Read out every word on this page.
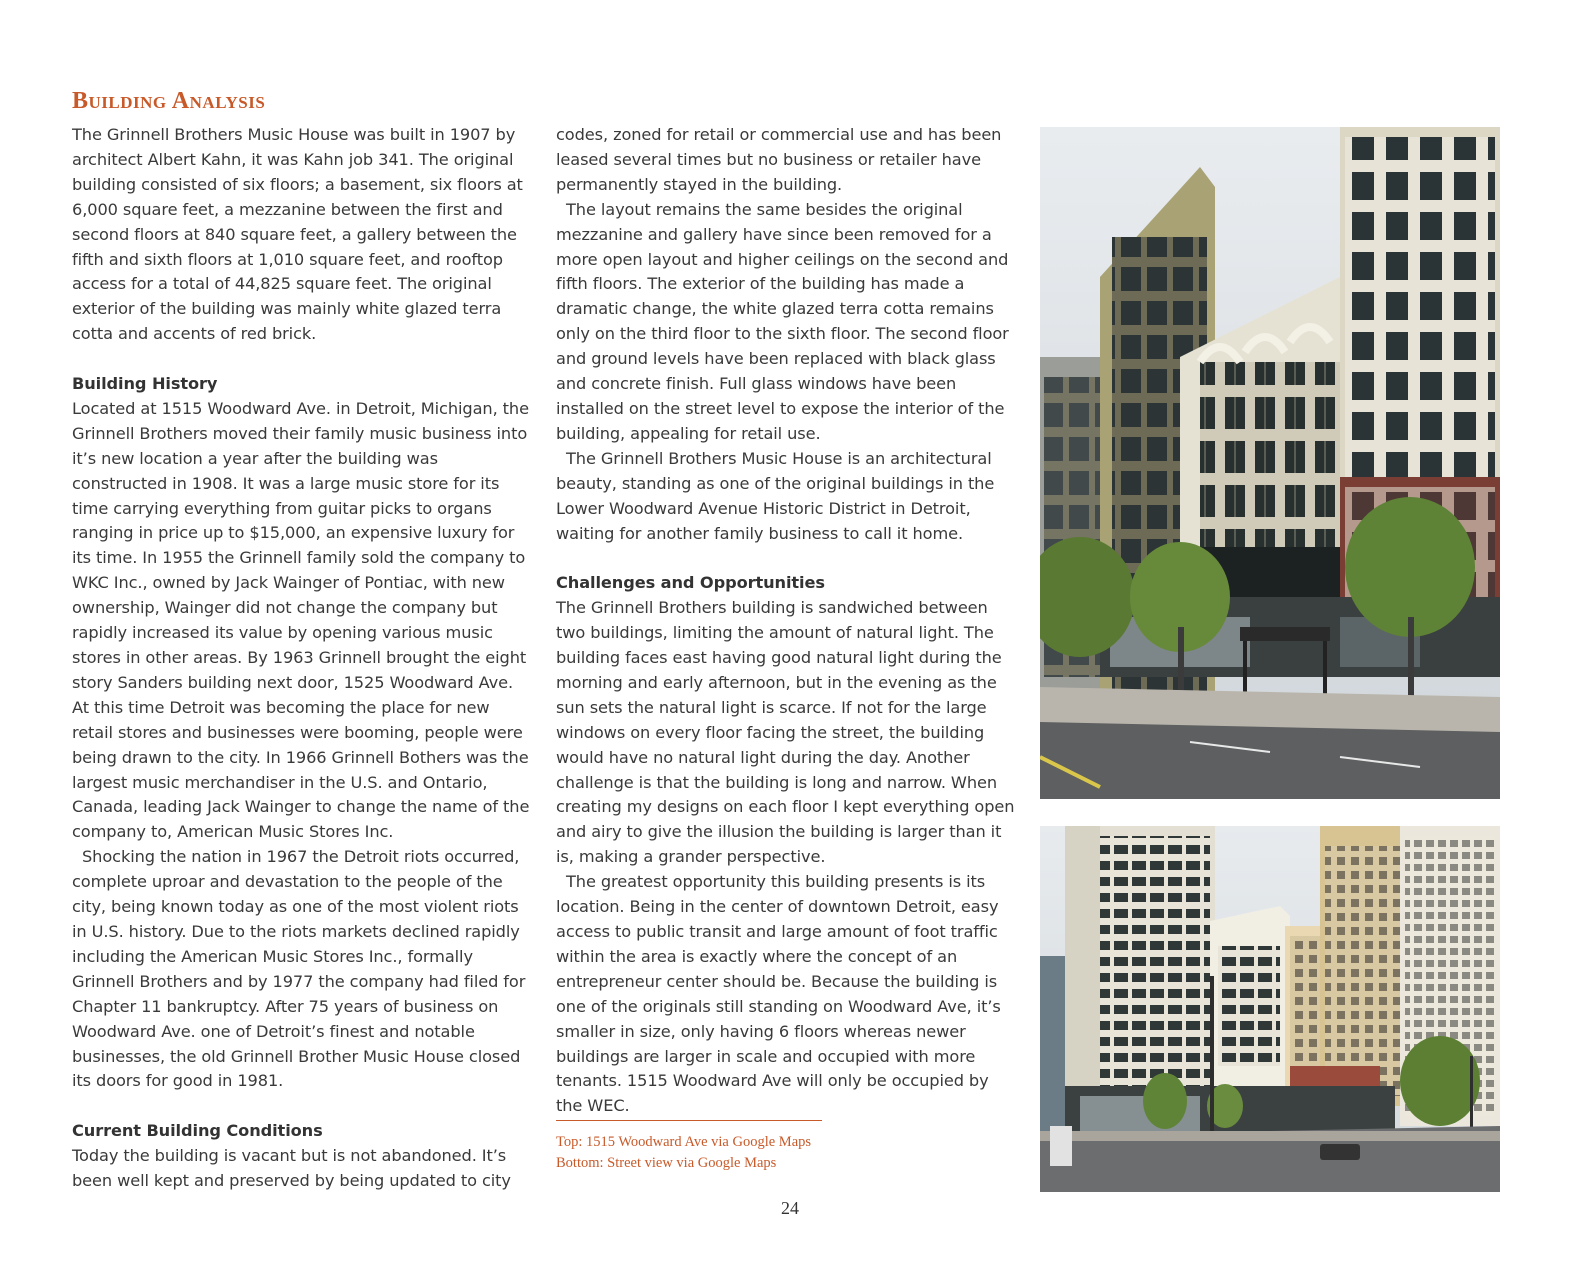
Building Analysis

The Grinnell Brothers Music House was built in 1907 by architect Albert Kahn, it was Kahn job 341. The original building consisted of six floors; a basement, six floors at 6,000 square feet, a mezzanine between the first and second floors at 840 square feet, a gallery between the fifth and sixth floors at 1,010 square feet, and rooftop access for a total of 44,825 square feet. The original exterior of the building was mainly white glazed terra cotta and accents of red brick.

Building History

Located at 1515 Woodward Ave. in Detroit, Michigan, the Grinnell Brothers moved their family music business into it’s new location a year after the building was constructed in 1908. It was a large music store for its time carrying everything from guitar picks to organs ranging in price up to $15,000, an expensive luxury for its time. In 1955 the Grinnell family sold the company to WKC Inc., owned by Jack Wainger of Pontiac, with new ownership, Wainger did not change the company but rapidly increased its value by opening various music stores in other areas. By 1963 Grinnell brought the eight story Sanders building next door, 1525 Woodward Ave. At this time Detroit was becoming the place for new retail stores and businesses were booming, people were being drawn to the city. In 1966 Grinnell Bothers was the largest music merchandiser in the U.S. and Ontario, Canada, leading Jack Wainger to change the name of the company to, American Music Stores Inc.

Shocking the nation in 1967 the Detroit riots occurred, complete uproar and devastation to the people of the city, being known today as one of the most violent riots in U.S. history. Due to the riots markets declined rapidly including the American Music Stores Inc., formally Grinnell Brothers and by 1977 the company had filed for Chapter 11 bankruptcy. After 75 years of business on Woodward Ave. one of Detroit’s finest and notable businesses, the old Grinnell Brother Music House closed its doors for good in 1981.

Current Building Conditions

Today the building is vacant but is not abandoned. It’s been well kept and preserved by being updated to city

codes, zoned for retail or commercial use and has been leased several times but no business or retailer have permanently stayed in the building.

The layout remains the same besides the original mezzanine and gallery have since been removed for a more open layout and higher ceilings on the second and fifth floors. The exterior of the building has made a dramatic change, the white glazed terra cotta remains only on the third floor to the sixth floor. The second floor and ground levels have been replaced with black glass and concrete finish. Full glass windows have been installed on the street level to expose the interior of the building, appealing for retail use.

The Grinnell Brothers Music House is an architectural beauty, standing as one of the original buildings in the Lower Woodward Avenue Historic District in Detroit, waiting for another family business to call it home.

Challenges and Opportunities

The Grinnell Brothers building is sandwiched between two buildings, limiting the amount of natural light. The building faces east having good natural light during the morning and early afternoon, but in the evening as the sun sets the natural light is scarce. If not for the large windows on every floor facing the street, the building would have no natural light during the day. Another challenge is that the building is long and narrow. When creating my designs on each floor I kept everything open and airy to give the illusion the building is larger than it is, making a grander perspective.

The greatest opportunity this building presents is its location. Being in the center of downtown Detroit, easy access to public transit and large amount of foot traffic within the area is exactly where the concept of an entrepreneur center should be. Because the building is one of the originals still standing on Woodward Ave, it’s smaller in size, only having 6 floors whereas newer buildings are larger in scale and occupied with more tenants. 1515 Woodward Ave will only be occupied by the WEC.

Top: 1515 Woodward Ave via Google Maps
Bottom: Street view via Google Maps
24
